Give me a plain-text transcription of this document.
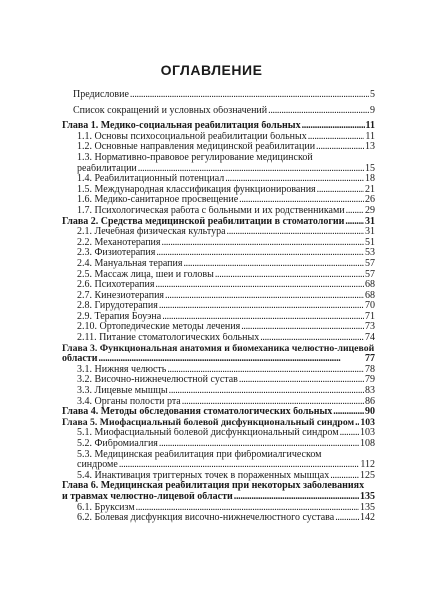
ОГЛАВЛЕНИЕ
Предисловие . . .	5
Список сокращений и условных обозначений . . .	9
Глава 1. Медико-социальная реабилитация больных . . .	11
1.1. Основы психосоциальной реабилитации больных . . .	11
1.2. Основные направления медицинской реабилитации . . .	13
1.3. Нормативно-правовое регулирование медицинской
реабилитации . . .	15
1.4. Реабилитационный потенциал . . .	18
1.5. Международная классификация функционирования . . .	21
1.6. Медико-санитарное просвещение . . .	26
1.7. Психологическая работа с больными и их родственниками . . . 29
Глава 2. Средства медицинской реабилитации в стоматологии . . . 31
2.1. Лечебная физическая культура . . .	31
2.2. Механотерапия . . .	51
2.3. Физиотерапия . . .	53
2.4. Мануальная терапия . . .	57
2.5. Массаж лица, шеи и головы . . .	57
2.6. Психотерапия . . .	68
2.7. Кинезиотерапия . . .	68
2.8. Гирудотерапия . . .	70
2.9. Терапия Боуэна . . .	71
2.10. Ортопедические методы лечения . . .	73
2.11. Питание стоматологических больных . . .	74
Глава 3. Функциональная анатомия и биомеханика челюстно-лицевой
области . . .	77
3.1. Нижняя челюсть . . .	78
3.2. Височно-нижнечелюстной сустав . . .	79
3.3. Лицевые мышцы . . .	83
3.4. Органы полости рта . . .	86
Глава 4. Методы обследования стоматологических больных . . .	90
Глава 5. Миофасциальный болевой дисфункциональный синдром . . . 103
5.1. Миофасциальный болевой дисфункциональный синдром . . . 103
5.2. Фибромиалгия . . .	108
5.3. Медицинская реабилитация при фибромиалгическом
синдроме . . .	112
5.4. Инактивация триггерных точек в пораженных мышцах . . .	125
Глава 6. Медицинская реабилитация при некоторых заболеваниях
и травмах челюстно-лицевой области . . .	135
6.1. Бруксизм . . .	135
6.2. Болевая дисфункция височно-нижнечелюстного сустава . . .	142
